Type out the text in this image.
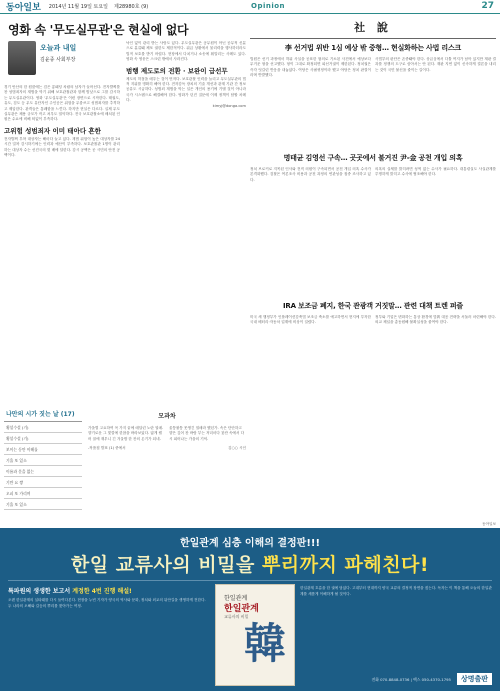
동아일보 2014년 11월 19일 토요일 제28980호 (9)	Opinion	27
영화 속 '무도실무관'은 현실에 없다
오늘과 내일
김윤종 사회부장

경기 안산의 한 원룸에는 검은 롱패딩 차림의 남자가 들어선다. 전자발찌를 찬 성범죄자의 재범을 막기 위해 보호관찰관과 함께 밤낮으로 그를 감시하는 무도실무관이다. 영화 '무도실무관'은 이런 장면으로 시작한다. 태권도, 유도, 검도 등 무도 유단자인 주인공은 위험을 무릅쓰고 성범죄자를 추격하고 제압한다. 관객들은 통쾌함을 느낀다. 하지만 현실은 다르다. 실제 무도실무관은 채용 규모가 작고 처우도 열악하다. 전국 보호관찰소에 배치된 인원은 수요에 비해 턱없이 부족하다.

고위험 성범죄자 이미 태아다 흔한

전자발찌 부착 대상자는 해마다 늘고 있다. 재범 위험이 높은 대상자를 24시간 밀착 감시하기에는 인력과 예산이 부족하다. 보호관찰관 1명이 관리하는 대상자 수는 선진국의 몇 배에 달한다. 감시 공백은 곧 시민의 안전 공백이다.

낙인 없이 관리 받는 사람도 있다. 무도실무관은 공무원이 아닌 공무직 신분으로 분류돼 체포 권한도 제한적이다. 위급 상황에서 물리력을 행사하더라도 법적 보호를 받기 어렵다. 현장에서 다치거나 소송에 휘말리는 사례도 있다. 영화 속 영웅은 스크린 밖에서 사라진다.

범행 제도로의 전환 · 보완이 급선무

제도의 허점을 메우는 것이 먼저다. 보호관찰 인력을 늘리고 무도실무관의 법적 지위를 명확히 해야 한다. 전자감독 장치의 기술 개선과 관계 기관 간 정보 공유도 시급하다. 성범죄 재범을 막는 일은 개인의 용기에 기댈 것이 아니라 국가 시스템으로 해결해야 한다. 영화가 던진 질문에 이제 정책이 답할 차례다.

kimyj@donga.com

나만의 시가 짓는 날 (17)
횡설수설 (기)
횡설수설 (기)
보이는 동안 이해를
기울 또 있소
이름과 문을 없는
기만 요 짱
오피 또 가리며
기울 또 있소
모과차
가을볕 고요하여 꼭 가지 끝에 매달린 노란 열매. 향기로운 그 빛깔에 한참을 바라보았다. 얇게 썰어 꿀에 재우니 긴 겨울밤 한 잔의 온기가 되네.
울퉁불퉁 못생긴 열매라 했던가. 속은 단단하고 향은 깊어 찬 바람 부는 저녁마다 찻잔 속에서 다시 피어나는 가을의 기억.
-작품집 발표 (1) 중에서	김○○ 시인
社 說
李 선거법 위반 1심 예상 밖 중형… 현실화하는 사법 리스크

법원은 선거 과정에서 허위 사실을 공표한 혐의로 기소된 사건에서 예상보다 무거운 형을 선고했다. 형이 그대로 확정되면 피선거권이 제한된다. 정치권은 즉각 엇갈린 반응을 내놓았다. 여당은 사필귀정이라 했고 야당은 정치 판결이라며 반발했다.

사법부의 판단은 존중돼야 한다. 상급심에서 다툴 여지가 남아 있지만 재판 결과를 정쟁의 도구로 삼아서는 안 된다. 재판 지연 없이 신속하게 결론을 내리는 것이 국민 불신을 줄이는 길이다.

명태균 김영선 구속… 곳곳에서 불거진 尹-金 공천 개입 의혹

정치 브로커로 지목된 인사와 전직 의원이 구속되면서 공천 개입 의혹 수사가 본격화했다. 검찰은 여론조사 비용과 공천 과정의 연관성을 집중 조사하고 있다.

의혹의 실체를 밝히려면 성역 없는 수사가 필요하다. 대통령실도 사실관계를 투명하게 밝히고 수사에 협조해야 한다.

IRA 보조금 폐지, 한국 관광객 거짓말… 관련 대책 트렌 퍼즐

미국 새 행정부가 인플레이션감축법 보조금 축소를 예고하면서 현지에 투자한 국내 배터리·자동차 업계에 비상이 걸렸다.

정부와 기업은 변화하는 통상 환경에 맞춰 대응 전략을 서둘러 마련해야 한다. 외교 채널을 총동원해 불확실성을 줄여야 한다.

동아일보
한일관계 심층 이해의 결정판!!!
한일 교류사의 비밀을 뿌리까지 파헤친다!
특파원의 생생한 보고서 계정한 4번 진행 해설!

오랜 한일관계의 실타래를 다시 들여다본다. 현장을 누빈 기자가 양국의 역사와 문화, 정치와 외교의 뒤안길을 생생하게 전한다. 두 나라의 오해와 갈등의 뿌리를 찾아가는 여정.

한일관계
한일관계
교류사의 비밀
韓

한일관계 흐름을 한 권에 담았다. 고대부터 현대까지 양국 교류의 결정적 장면을 짚는다. 독자는 이 책을 통해 오늘의 한일관계를 새롭게 이해하게 될 것이다.

전화 070-8848-0736 | 팩스 050-4370-1795	상명출판
